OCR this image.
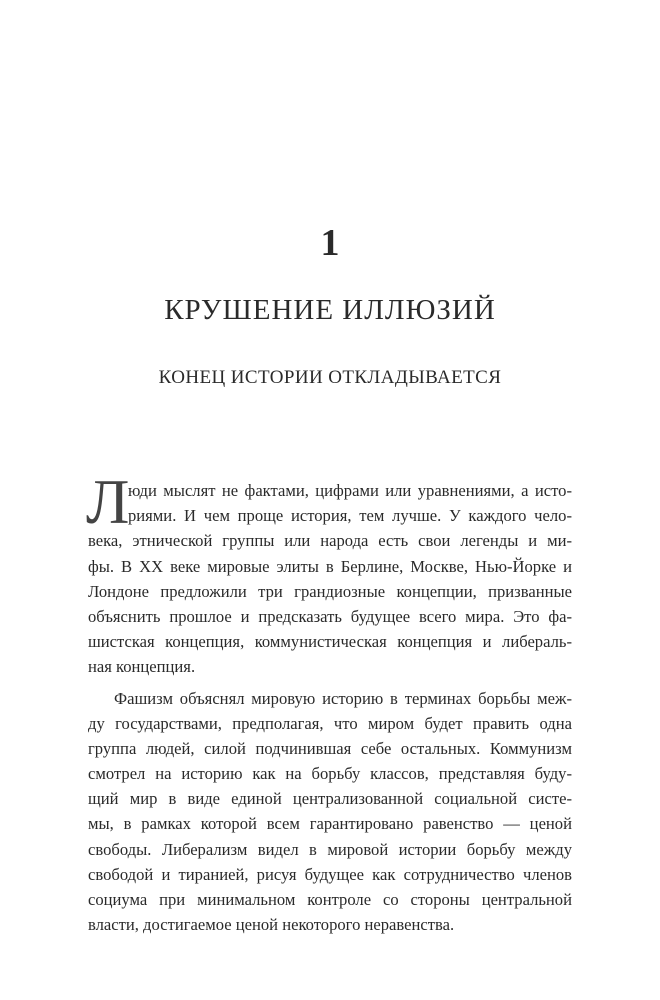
1
КРУШЕНИЕ ИЛЛЮЗИЙ
КОНЕЦ ИСТОРИИ ОТКЛАДЫВАЕТСЯ
Л
юди мыслят не фактами, цифрами или уравнениями, а исто-
риями. И чем проще история, тем лучше. У каждого чело-
века, этнической группы или народа есть свои легенды и ми-
фы. В XX веке мировые элиты в Берлине, Москве, Нью-Йорке и
Лондоне предложили три грандиозные концепции, призванные
объяснить прошлое и предсказать будущее всего мира. Это фа-
шистская концепция, коммунистическая концепция и либераль-
ная концепция.
Фашизм объяснял мировую историю в терминах борьбы меж-
ду государствами, предполагая, что миром будет править одна
группа людей, силой подчинившая себе остальных. Коммунизм
смотрел на историю как на борьбу классов, представляя буду-
щий мир в виде единой централизованной социальной систе-
мы, в рамках которой всем гарантировано равенство — ценой
свободы. Либерализм видел в мировой истории борьбу между
свободой и тиранией, рисуя будущее как сотрудничество членов
социума при минимальном контроле со стороны центральной
власти, достигаемое ценой некоторого неравенства.
